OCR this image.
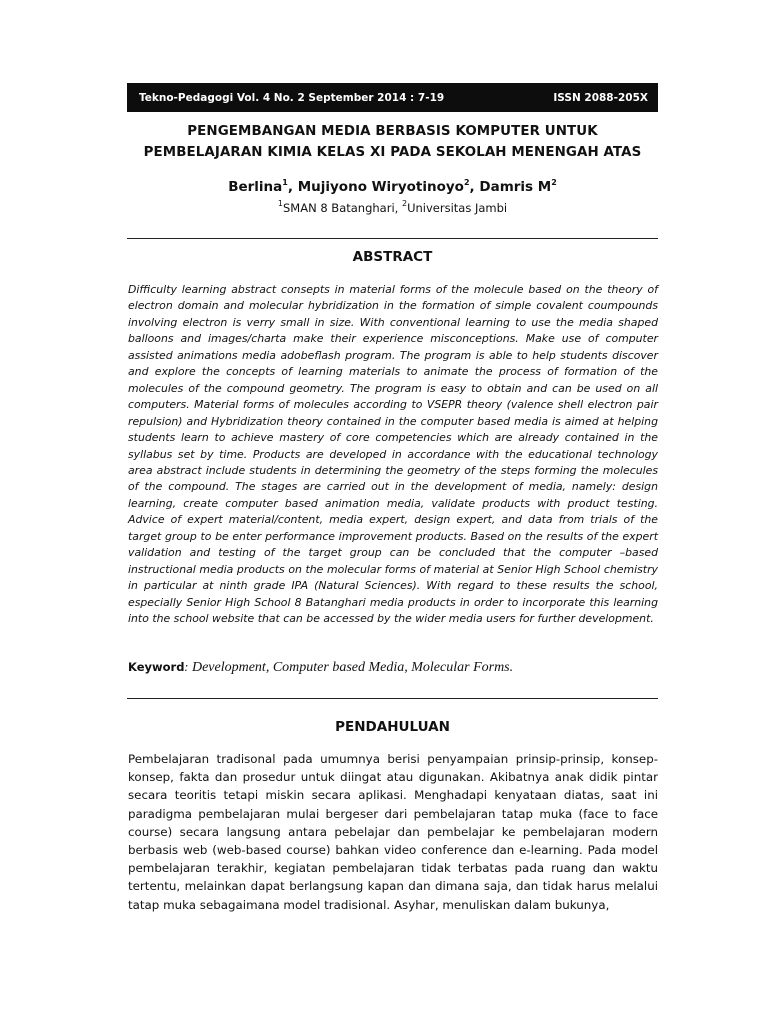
Tekno-Pedagogi Vol. 4 No. 2 September 2014 : 7-19	ISSN 2088-205X
PENGEMBANGAN MEDIA BERBASIS KOMPUTER UNTUK
PEMBELAJARAN KIMIA KELAS XI PADA SEKOLAH MENENGAH ATAS
Berlina$^1$, Mujiyono Wiryotinoyo$^2$, Damris $M^2$
$^1$SMAN 8 Batanghari, $^2$Universitas Jambi
ABSTRACT
Difficulty learning abstract consepts in material forms of the molecule based on the theory of electron domain and molecular hybridization in the formation of simple covalent coumpounds involving electron is verry small in size. With conventional learning to use the media shaped balloons and images/charta make their experience misconceptions. Make use of computer assisted animations media adobeflash program. The program is able to help students discover and explore the concepts of learning materials to animate the process of formation of the molecules of the compound geometry. The program is easy to obtain and can be used on all computers. Material forms of molecules according to VSEPR theory (valence shell electron pair repulsion) and Hybridization theory contained in the computer based media is aimed at helping students learn to achieve mastery of core competencies which are already contained in the syllabus set by time. Products are developed in accordance with the educational technology area abstract include students in determining the geometry of the steps forming the molecules of the compound. The stages are carried out in the development of media, namely: design learning, create computer based animation media, validate products with product testing. Advice of expert material/content, media expert, design expert, and data from trials of the target group to be enter performance improvement products. Based on the results of the expert validation and testing of the target group can be concluded that the computer –based instructional media products on the molecular forms of material at Senior High School chemistry in particular at ninth grade IPA (Natural Sciences). With regard to these results the school, especially Senior High School 8 Batanghari media products in order to incorporate this learning into the school website that can be accessed by the wider media users for further development.
Keyword: Development, Computer based Media, Molecular Forms.
PENDAHULUAN
Pembelajaran tradisonal pada umumnya berisi penyampaian prinsip-prinsip, konsep-konsep, fakta dan prosedur untuk diingat atau digunakan. Akibatnya anak didik pintar secara teoritis tetapi miskin secara aplikasi. Menghadapi kenyataan diatas, saat ini paradigma pembelajaran mulai bergeser dari pembelajaran tatap muka (face to face course) secara langsung antara pebelajar dan pembelajar ke pembelajaran modern berbasis web (web-based course) bahkan video conference dan e-learning. Pada model pembelajaran terakhir, kegiatan pembelajaran tidak terbatas pada ruang dan waktu tertentu, melainkan dapat berlangsung kapan dan dimana saja, dan tidak harus melalui tatap muka sebagaimana model tradisional. Asyhar, menuliskan dalam bukunya,
